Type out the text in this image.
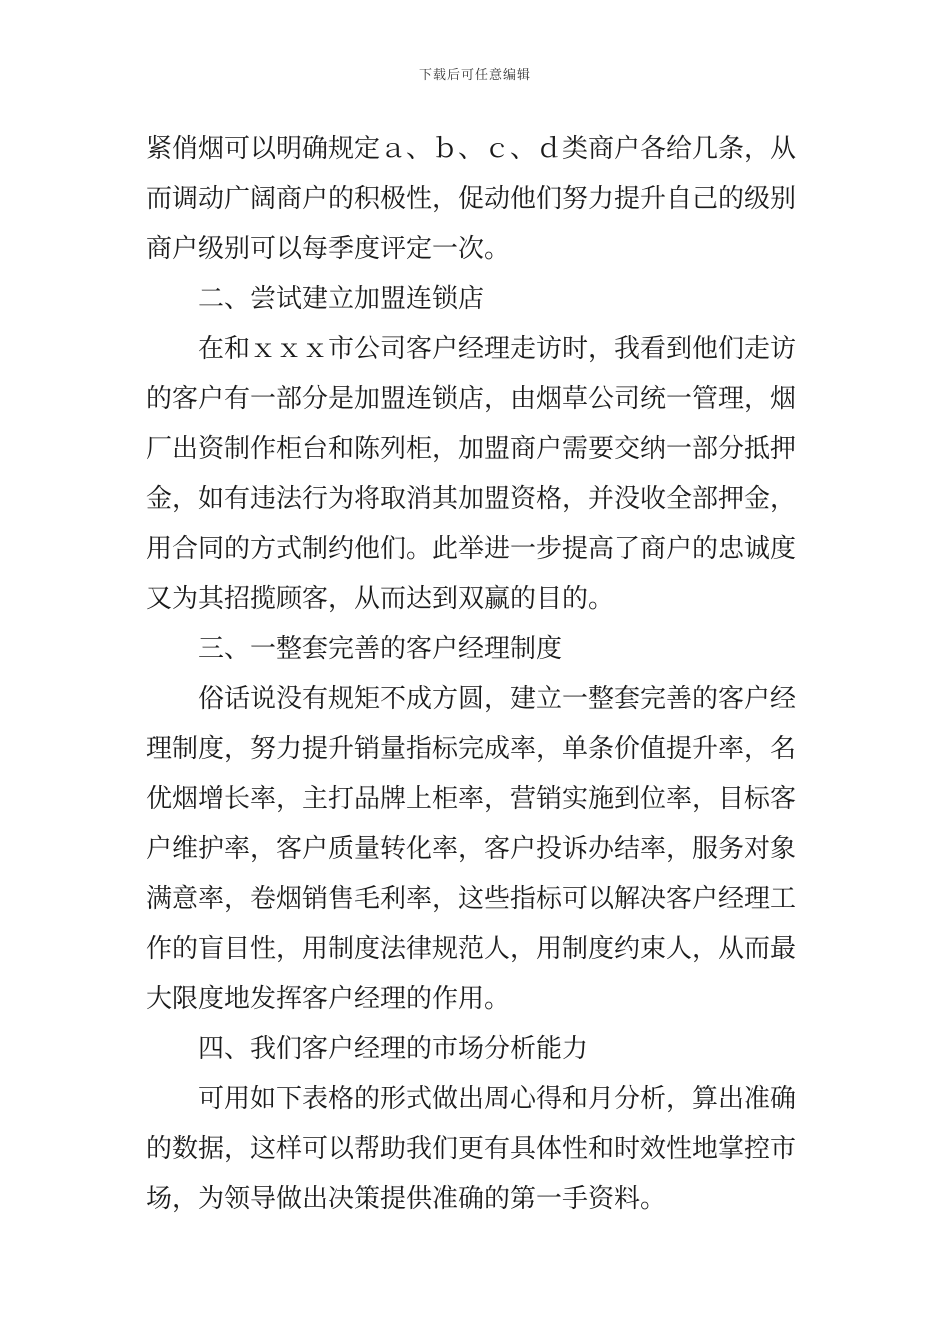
下载后可任意编辑
紧俏烟可以明确规定ａ、ｂ、ｃ、ｄ类商户各给几条，从
而调动广阔商户的积极性，促动他们努力提升自己的级别
商户级别可以每季度评定一次。
二、尝试建立加盟连锁店
在和ｘｘｘ市公司客户经理走访时，我看到他们走访
的客户有一部分是加盟连锁店，由烟草公司统一管理，烟
厂出资制作柜台和陈列柜，加盟商户需要交纳一部分抵押
金，如有违法行为将取消其加盟资格，并没收全部押金，
用合同的方式制约他们。此举进一步提高了商户的忠诚度
又为其招揽顾客，从而达到双赢的目的。
三、一整套完善的客户经理制度
俗话说没有规矩不成方圆，建立一整套完善的客户经
理制度，努力提升销量指标完成率，单条价值提升率，名
优烟增长率，主打品牌上柜率，营销实施到位率，目标客
户维护率，客户质量转化率，客户投诉办结率，服务对象
满意率，卷烟销售毛利率，这些指标可以解决客户经理工
作的盲目性，用制度法律规范人，用制度约束人，从而最
大限度地发挥客户经理的作用。
四、我们客户经理的市场分析能力
可用如下表格的形式做出周心得和月分析，算出准确
的数据，这样可以帮助我们更有具体性和时效性地掌控市
场，为领导做出决策提供准确的第一手资料。
